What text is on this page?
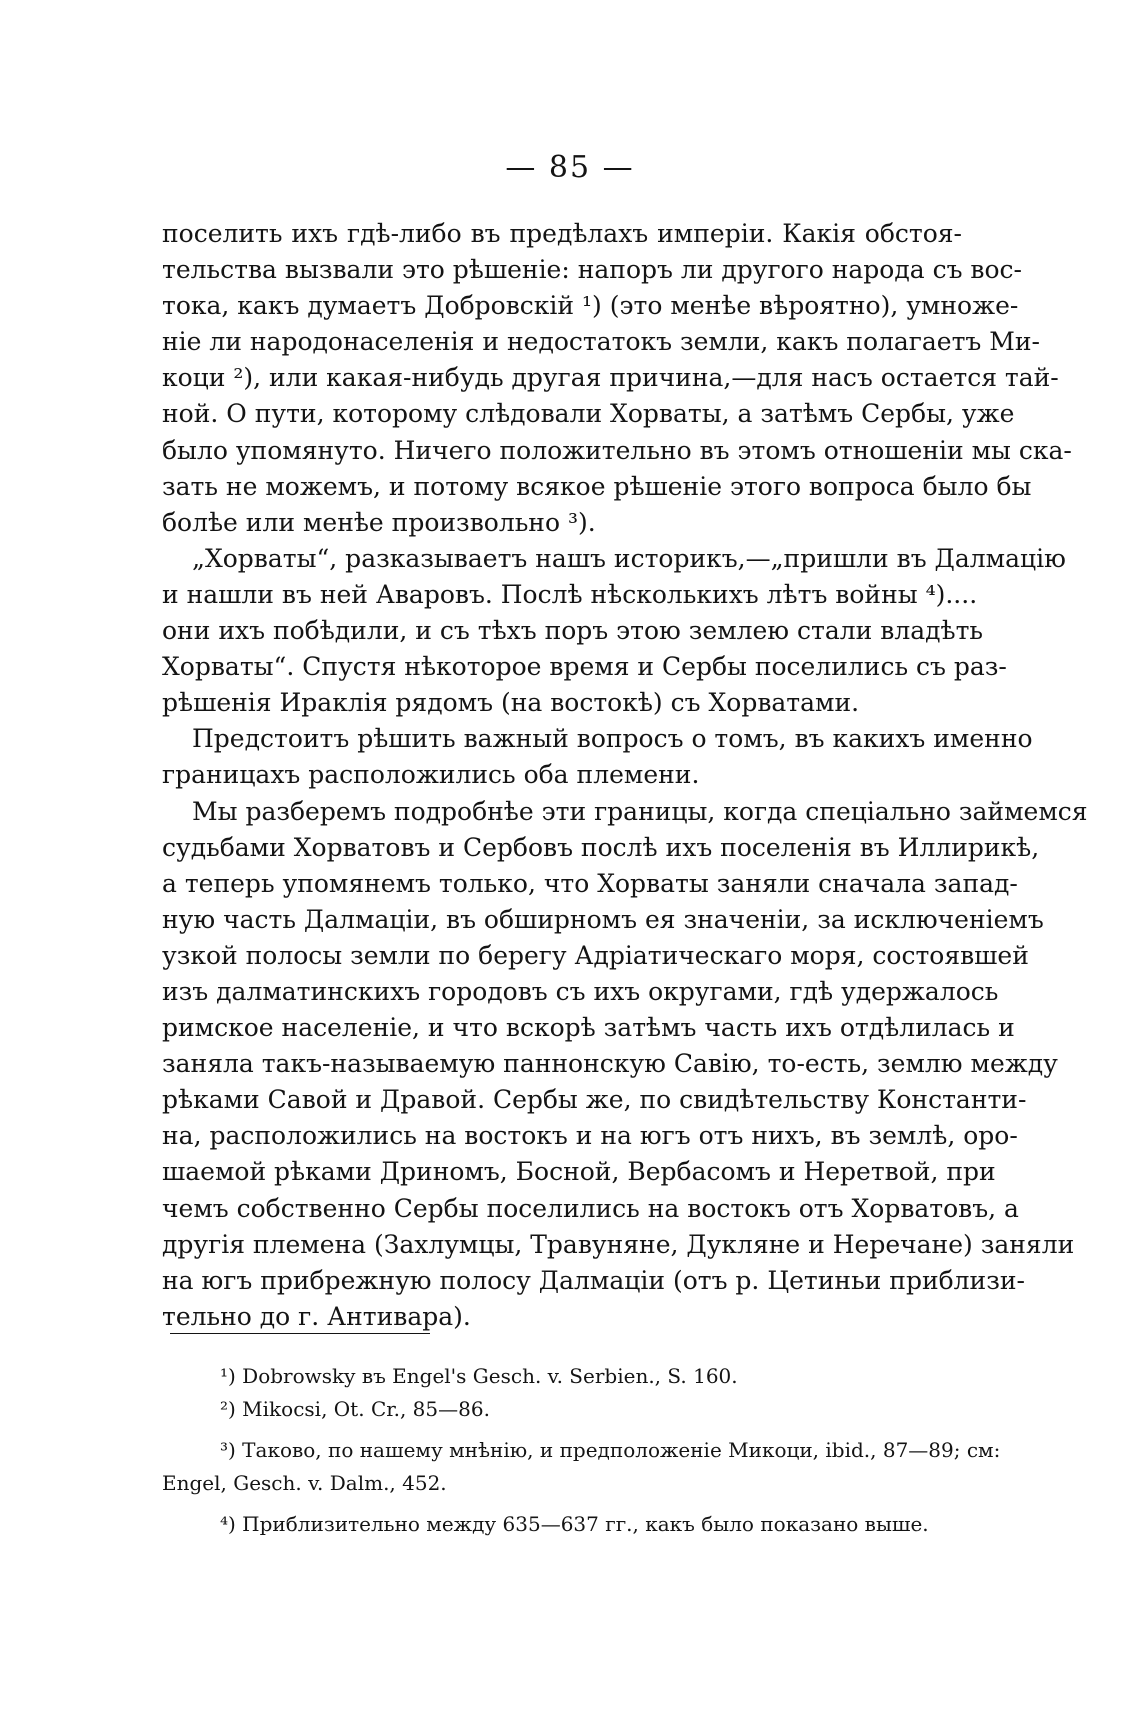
— 85 —
поселить ихъ гдѣ-либо въ предѣлахъ имперіи. Какія обстоя-
тельства вызвали это рѣшеніе: напоръ ли другого народа съ вос-
тока, какъ думаетъ Добровскій ¹) (это менѣе вѣроятно), умноже-
ніе ли народонаселенія и недостатокъ земли, какъ полагаетъ Ми-
коци ²), или какая-нибудь другая причина,—для насъ остается тай-
ной. О пути, которому слѣдовали Хорваты, а затѣмъ Сербы, уже
было упомянуто. Ничего положительно въ этомъ отношеніи мы ска-
зать не можемъ, и потому всякое рѣшеніе этого вопроса было бы
болѣе или менѣе произвольно ³).
„Хорваты“, разказываетъ нашъ историкъ,—„пришли въ Далмацію
и нашли въ ней Аваровъ. Послѣ нѣсколькихъ лѣтъ войны ⁴)....
они ихъ побѣдили, и съ тѣхъ поръ этою землею стали владѣть
Хорваты“. Спустя нѣкоторое время и Сербы поселились съ раз-
рѣшенія Ираклія рядомъ (на востокѣ) съ Хорватами.
Предстоитъ рѣшить важный вопросъ о томъ, въ какихъ именно
границахъ расположились оба племени.
Мы разберемъ подробнѣе эти границы, когда спеціально займемся
судьбами Хорватовъ и Сербовъ послѣ ихъ поселенія въ Иллирикѣ,
а теперь упомянемъ только, что Хорваты заняли сначала запад-
ную часть Далмаціи, въ обширномъ ея значеніи, за исключеніемъ
узкой полосы земли по берегу Адріатическаго моря, состоявшей
изъ далматинскихъ городовъ съ ихъ округами, гдѣ удержалось
римское населеніе, и что вскорѣ затѣмъ часть ихъ отдѣлилась и
заняла такъ-называемую паннонскую Савію, то-есть, землю между
рѣками Савой и Дравой. Сербы же, по свидѣтельству Константи-
на, расположились на востокъ и на югъ отъ нихъ, въ землѣ, оро-
шаемой рѣками Дриномъ, Босной, Вербасомъ и Неретвой, при
чемъ собственно Сербы поселились на востокъ отъ Хорватовъ, а
другія племена (Захлумцы, Травуняне, Дукляне и Неречане) заняли
на югъ прибрежную полосу Далмаціи (отъ р. Цетиньи приблизи-
тельно до г. Антивара).
¹) Dobrowsky въ Engel's Gesch. v. Serbien., S. 160.
²) Mikocsi, Ot. Cr., 85—86.
³) Таково, по нашему мнѣнію, и предположеніе Микоци, ibid., 87—89; см:
Engel, Gesch. v. Dalm., 452.
⁴) Приблизительно между 635—637 гг., какъ было показано выше.
